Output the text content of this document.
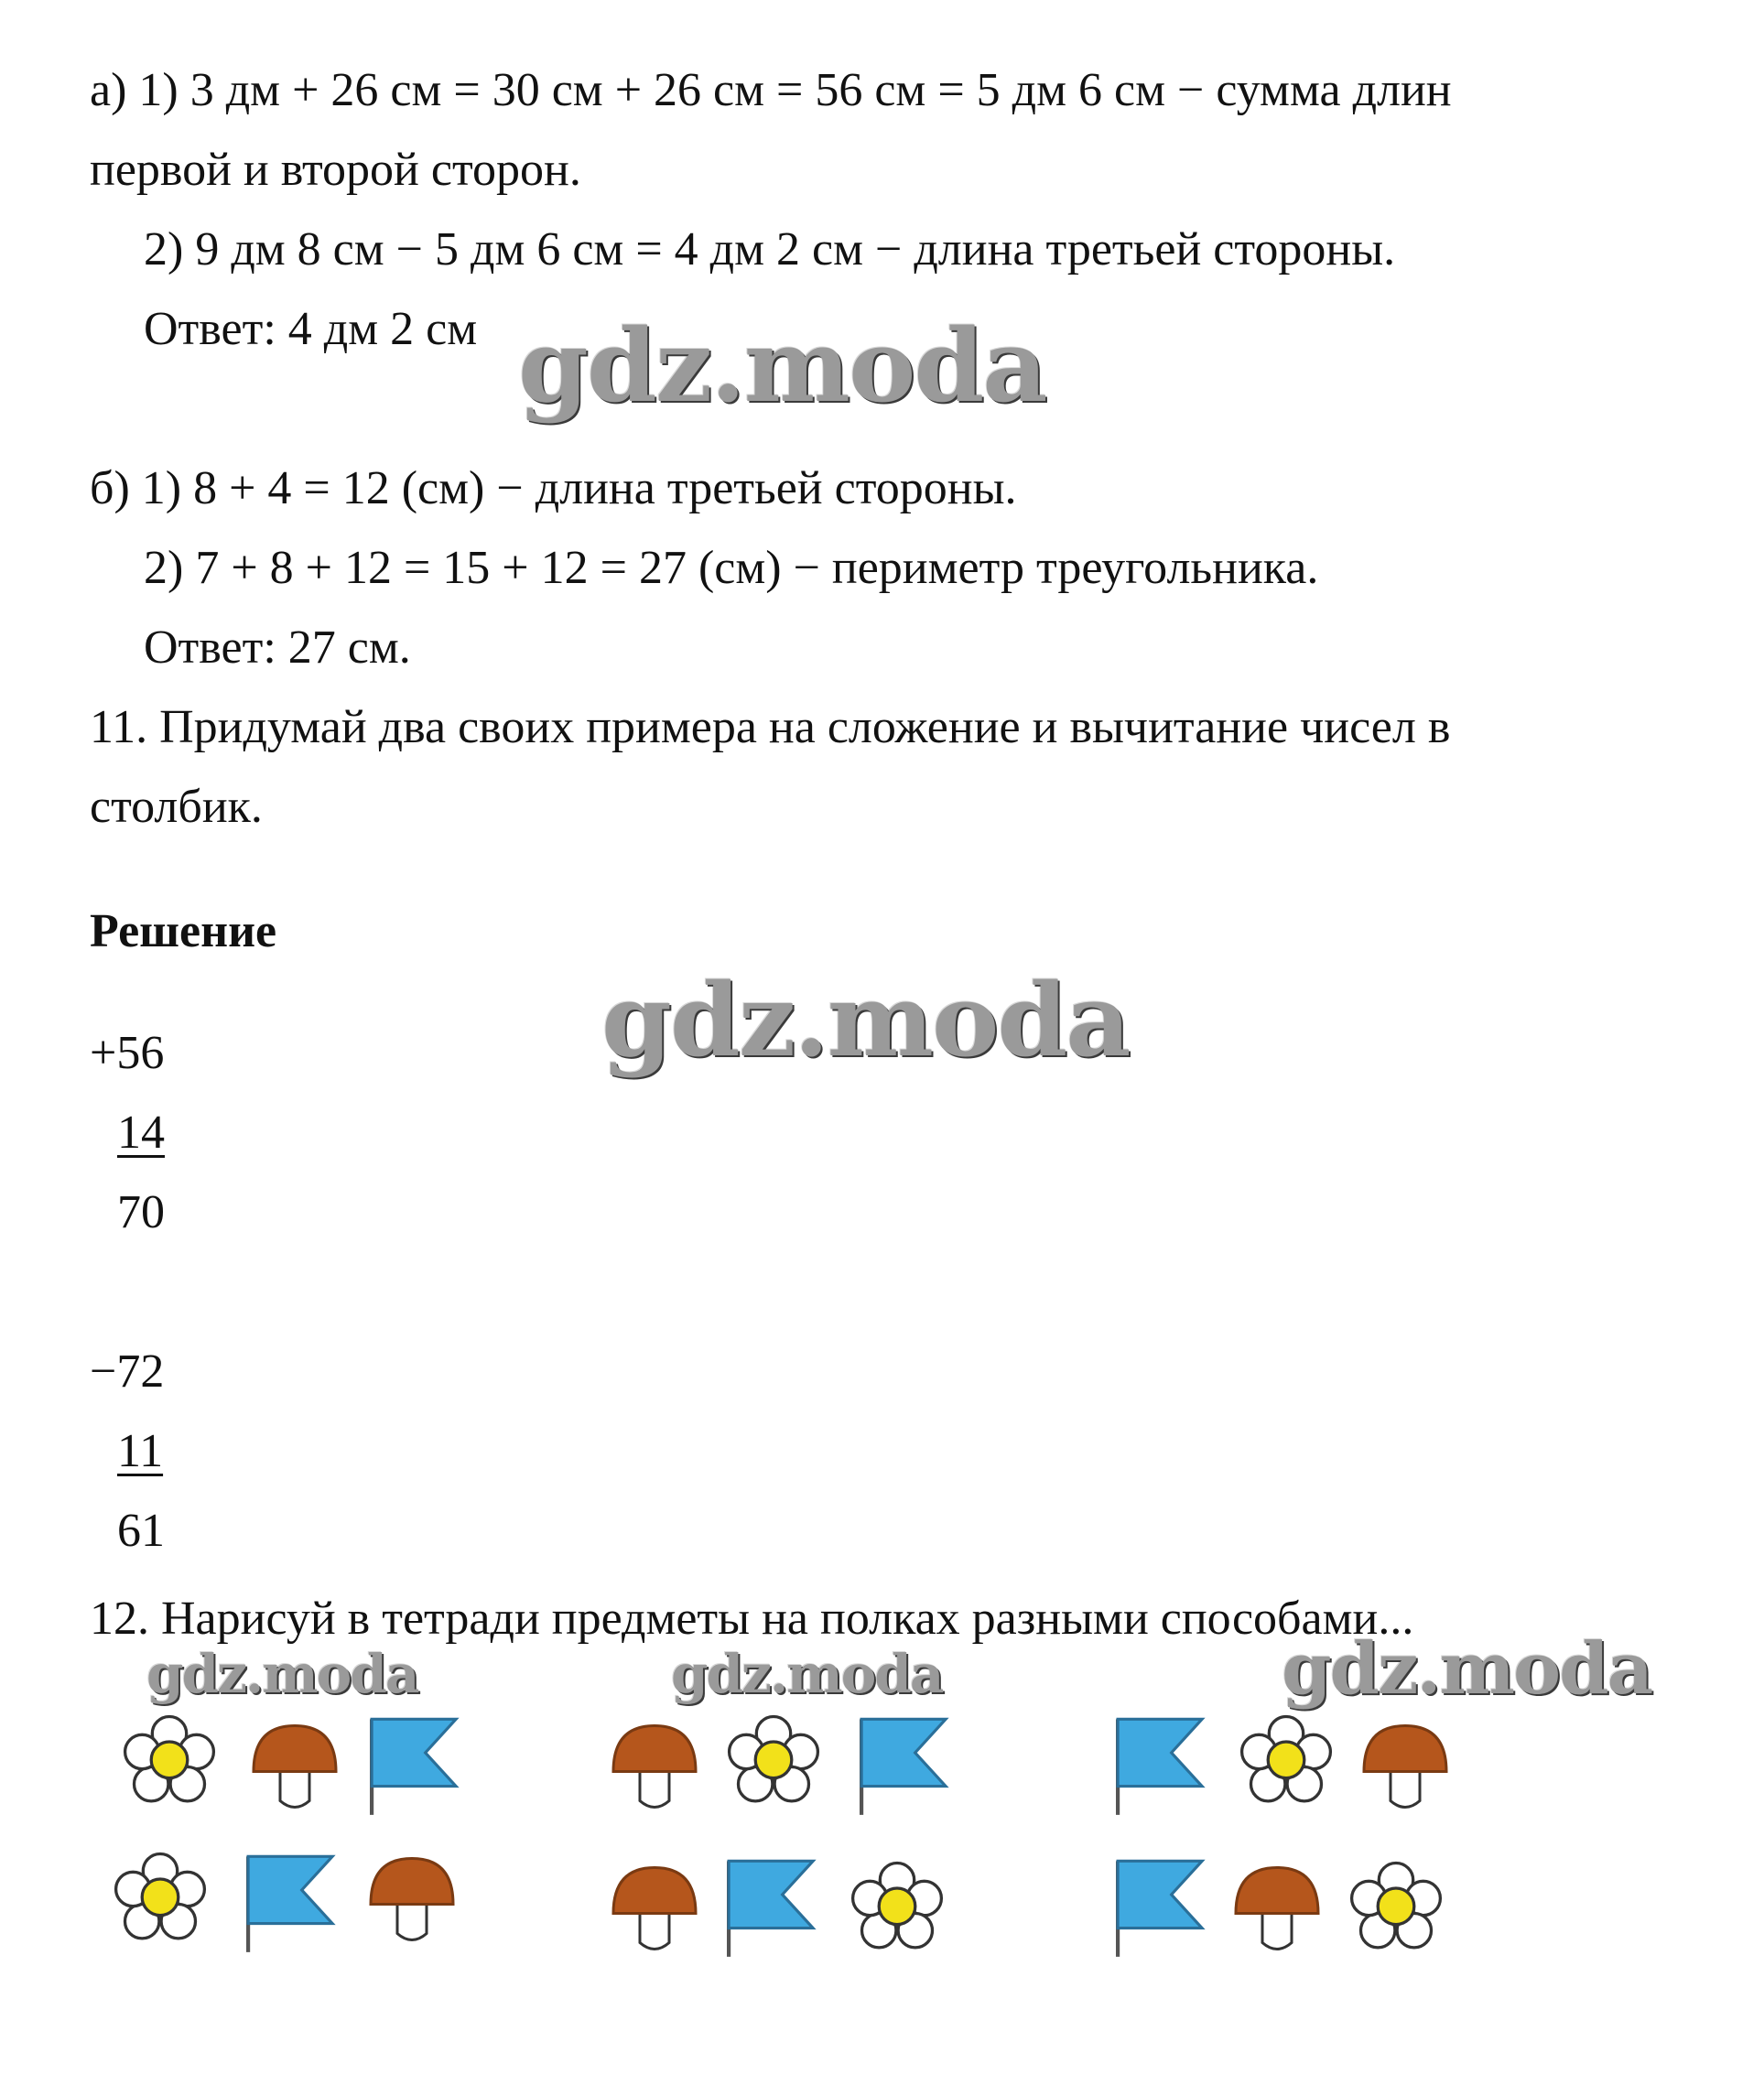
а) 1) 3 дм + 26 см = 30 см + 26 см = 56 см = 5 дм 6 см − сумма длин
первой и второй сторон.
2) 9 дм 8 см − 5 дм 6 см = 4 дм 2 см − длина третьей стороны.
Ответ: 4 дм 2 см gdz.moda
б) 1) 8 + 4 = 12 (см) − длина третьей стороны.
2) 7 + 8 + 12 = 15 + 12 = 27 (см) − периметр треугольника.
Ответ: 27 см.
11. Придумай два своих примера на сложение и вычитание чисел в
столбик.
Решение
gdz.moda
+56
14
70
−72
11
61
12. Нарисуй в тетради предметы на полках разными способами...
gdz.moda	gdz.moda	gdz.moda
